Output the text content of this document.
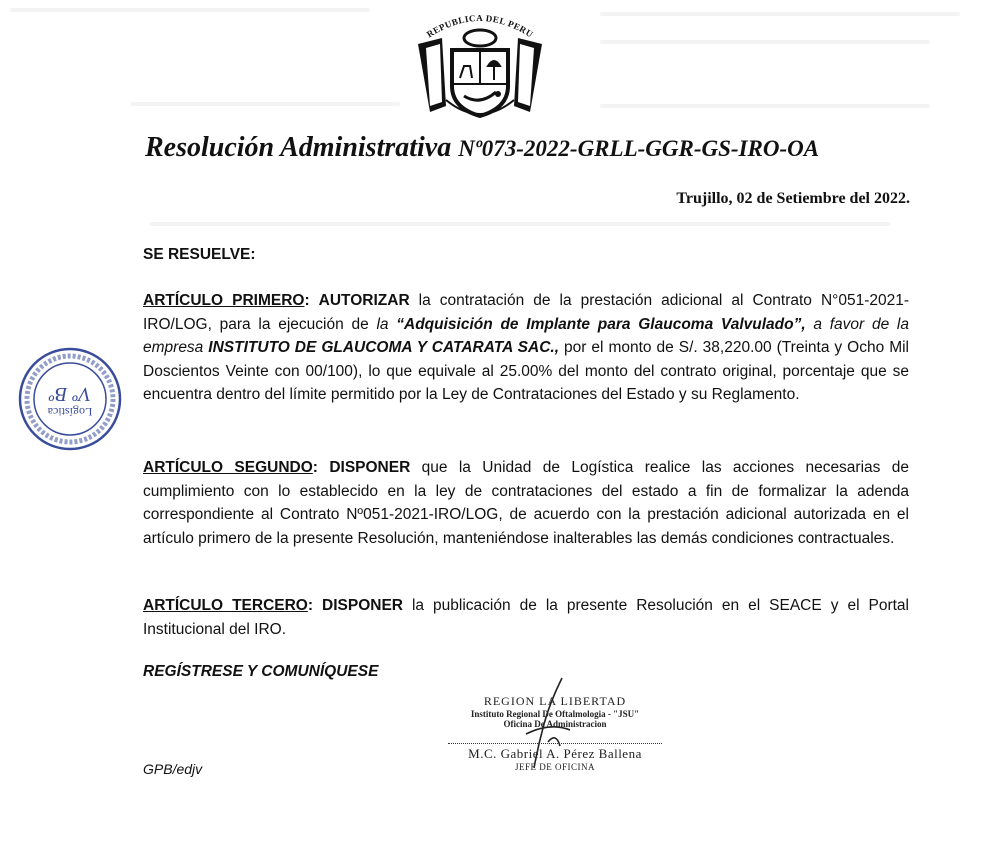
REPUBLICA DEL PERU
Resolución Administrativa Nº073-2022-GRLL-GGR-GS-IRO-OA
Trujillo, 02 de Setiembre del 2022.
SE RESUELVE:
ARTÍCULO PRIMERO: AUTORIZAR la contratación de la prestación adicional al Contrato N°051-2021-IRO/LOG, para la ejecución de la “Adquisición de Implante para Glaucoma Valvulado”, a favor de la empresa INSTITUTO DE GLAUCOMA Y CATARATA SAC., por el monto de S/. 38,220.00 (Treinta y Ocho Mil Doscientos Veinte con 00/100), lo que equivale al 25.00% del monto del contrato original, porcentaje que se encuentra dentro del límite permitido por la Ley de Contrataciones del Estado y su Reglamento.
ARTÍCULO SEGUNDO: DISPONER que la Unidad de Logística realice las acciones necesarias de cumplimiento con lo establecido en la ley de contrataciones del estado a fin de formalizar la adenda correspondiente al Contrato Nº051-2021-IRO/LOG, de acuerdo con la prestación adicional autorizada en el artículo primero de la presente Resolución, manteniéndose inalterables las demás condiciones contractuales.
ARTÍCULO TERCERO: DISPONER la publicación de la presente Resolución en el SEACE y el Portal Institucional del IRO.
REGÍSTRESE Y COMUNÍQUESE
GPB/edjv
Logística
Vº Bº
REGION LA LIBERTAD
Instituto Regional De Oftalmologia - "JSU"
Oficina De Administracion
M.C. Gabriel A. Pérez Ballena
JEFE DE OFICINA
